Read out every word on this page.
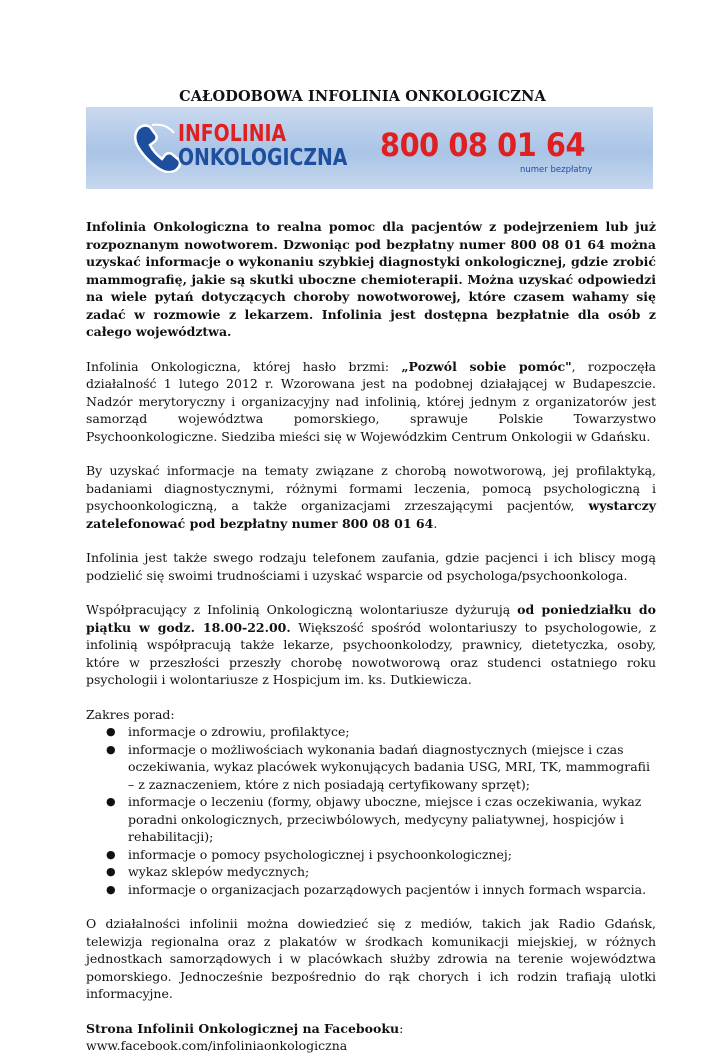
CAŁODOBOWA INFOLINIA ONKOLOGICZNA
INFOLINIA
ONKOLOGICZNA 800 08 01 64
numer bezpłatny

Infolinia Onkologiczna to realna pomoc dla pacjentów z podejrzeniem lub już rozpoznanym nowotworem. Dzwoniąc pod bezpłatny numer 800 08 01 64 można uzyskać informacje o wykonaniu szybkiej diagnostyki onkologicznej, gdzie zrobić mammografię, jakie są skutki uboczne chemioterapii. Można uzyskać odpowiedzi na wiele pytań dotyczących choroby nowotworowej, które czasem wahamy się zadać w rozmowie z lekarzem. Infolinia jest dostępna bezpłatnie dla osób z całego województwa.

Infolinia Onkologiczna, której hasło brzmi: „Pozwól sobie pomóc", rozpoczęła działalność 1 lutego 2012 r. Wzorowana jest na podobnej działającej w Budapeszcie. Nadzór merytoryczny i organizacyjny nad infolinią, której jednym z organizatorów jest samorząd województwa pomorskiego, sprawuje Polskie Towarzystwo Psychoonkologiczne. Siedziba mieści się w Wojewódzkim Centrum Onkologii w Gdańsku.

By uzyskać informacje na tematy związane z chorobą nowotworową, jej profilaktyką, badaniami diagnostycznymi, różnymi formami leczenia, pomocą psychologiczną i psychoonkologiczną, a także organizacjami zrzeszającymi pacjentów, wystarczy zatelefonować pod bezpłatny numer 800 08 01 64.

Infolinia jest także swego rodzaju telefonem zaufania, gdzie pacjenci i ich bliscy mogą podzielić się swoimi trudnościami i uzyskać wsparcie od psychologa/psychoonkologa.

Współpracujący z Infolinią Onkologiczną wolontariusze dyżurują od poniedziałku do piątku w godz. 18.00-22.00. Większość spośród wolontariuszy to psychologowie, z infolinią współpracują także lekarze, psychoonkolodzy, prawnicy, dietetyczka, osoby, które w przeszłości przeszły chorobę nowotworową oraz studenci ostatniego roku psychologii i wolontariusze z Hospicjum im. ks. Dutkiewicza.

Zakres porad:
● informacje o zdrowiu, profilaktyce;
● informacje o możliwościach wykonania badań diagnostycznych (miejsce i czas oczekiwania, wykaz placówek wykonujących badania USG, MRI, TK, mammografii – z zaznaczeniem, które z nich posiadają certyfikowany sprzęt);
● informacje o leczeniu (formy, objawy uboczne, miejsce i czas oczekiwania, wykaz poradni onkologicznych, przeciwbólowych, medycyny paliatywnej, hospicjów i rehabilitacji);
● informacje o pomocy psychologicznej i psychoonkologicznej;
● wykaz sklepów medycznych;
● informacje o organizacjach pozarządowych pacjentów i innych formach wsparcia.

O działalności infolinii można dowiedzieć się z mediów, takich jak Radio Gdańsk, telewizja regionalna oraz z plakatów w środkach komunikacji miejskiej, w różnych jednostkach samorządowych i w placówkach służby zdrowia na terenie województwa pomorskiego. Jednocześnie bezpośrednio do rąk chorych i ich rodzin trafiają ulotki informacyjne.

Strona Infolinii Onkologicznej na Facebooku:
www.facebook.com/infoliniaonkologiczna
